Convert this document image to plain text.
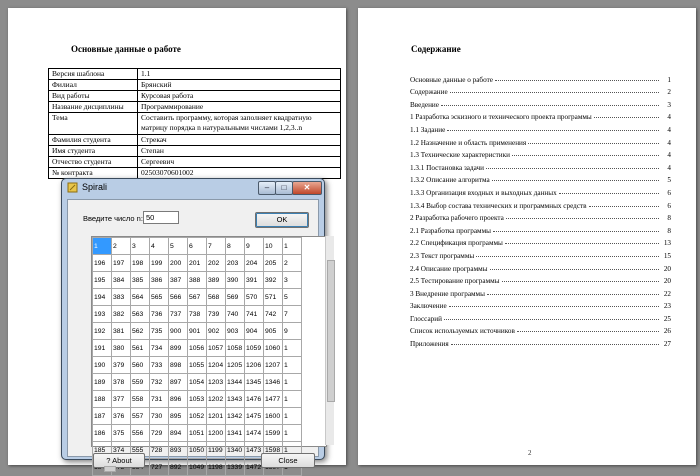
Основные данные о работе
Версия шаблона	1.1
Филиал	Брянский
Вид работы	Курсовая работа
Название дисциплины	Программирование
Тема	Составить программу, которая заполняет квадратную матрицу порядка n натуральными числами 1,2,3..n
Фамилия студента	Стрекач
Имя студента	Степан
Отчество студента	Сергеевич
№ контракта	02503070601002
Содержание
Основные данные о работе	1
Содержание	2
Введение	3
1 Разработка эскизного и технического проекта программы	4
1.1 Задание	4
1.2 Назначение и область применения	4
1.3 Технические характеристики	4
1.3.1 Постановка задачи	4
1.3.2 Описание алгоритма	5
1.3.3 Организация входных и выходных данных	6
1.3.4 Выбор состава технических и программных средств	6
2 Разработка рабочего проекта	8
2.1 Разработка программы	8
2.2 Спецификация программы	13
2.3 Текст программы	15
2.4 Описание программы	20
2.5 Тестирование программы	20
3 Внедрение программы	22
Заключение	23
Глоссарий	25
Список используемых источников	26
Приложения	27
2
Spirali	–	□	✕
Введите число n: 50	OK
1	2	3	4	5	6	7	8	9	10	1
196	197	198	199	200	201	202	203	204	205	2
195	384	385	386	387	388	389	390	391	392	3
194	383	564	565	566	567	568	569	570	571	5
193	382	563	736	737	738	739	740	741	742	7
192	381	562	735	900	901	902	903	904	905	9
191	380	561	734	899	1056	1057	1058	1059	1060	1
190	379	560	733	898	1055	1204	1205	1206	1207	1
189	378	559	732	897	1054	1203	1344	1345	1346	1
188	377	558	731	896	1053	1202	1343	1476	1477	1
187	376	557	730	895	1052	1201	1342	1475	1600	1
186	375	556	729	894	1051	1200	1341	1474	1599	1
185	374	555	728	893	1050	1199	1340	1473	1598	1
			727	892	1049	1198	1339	1472		
? About	Close
